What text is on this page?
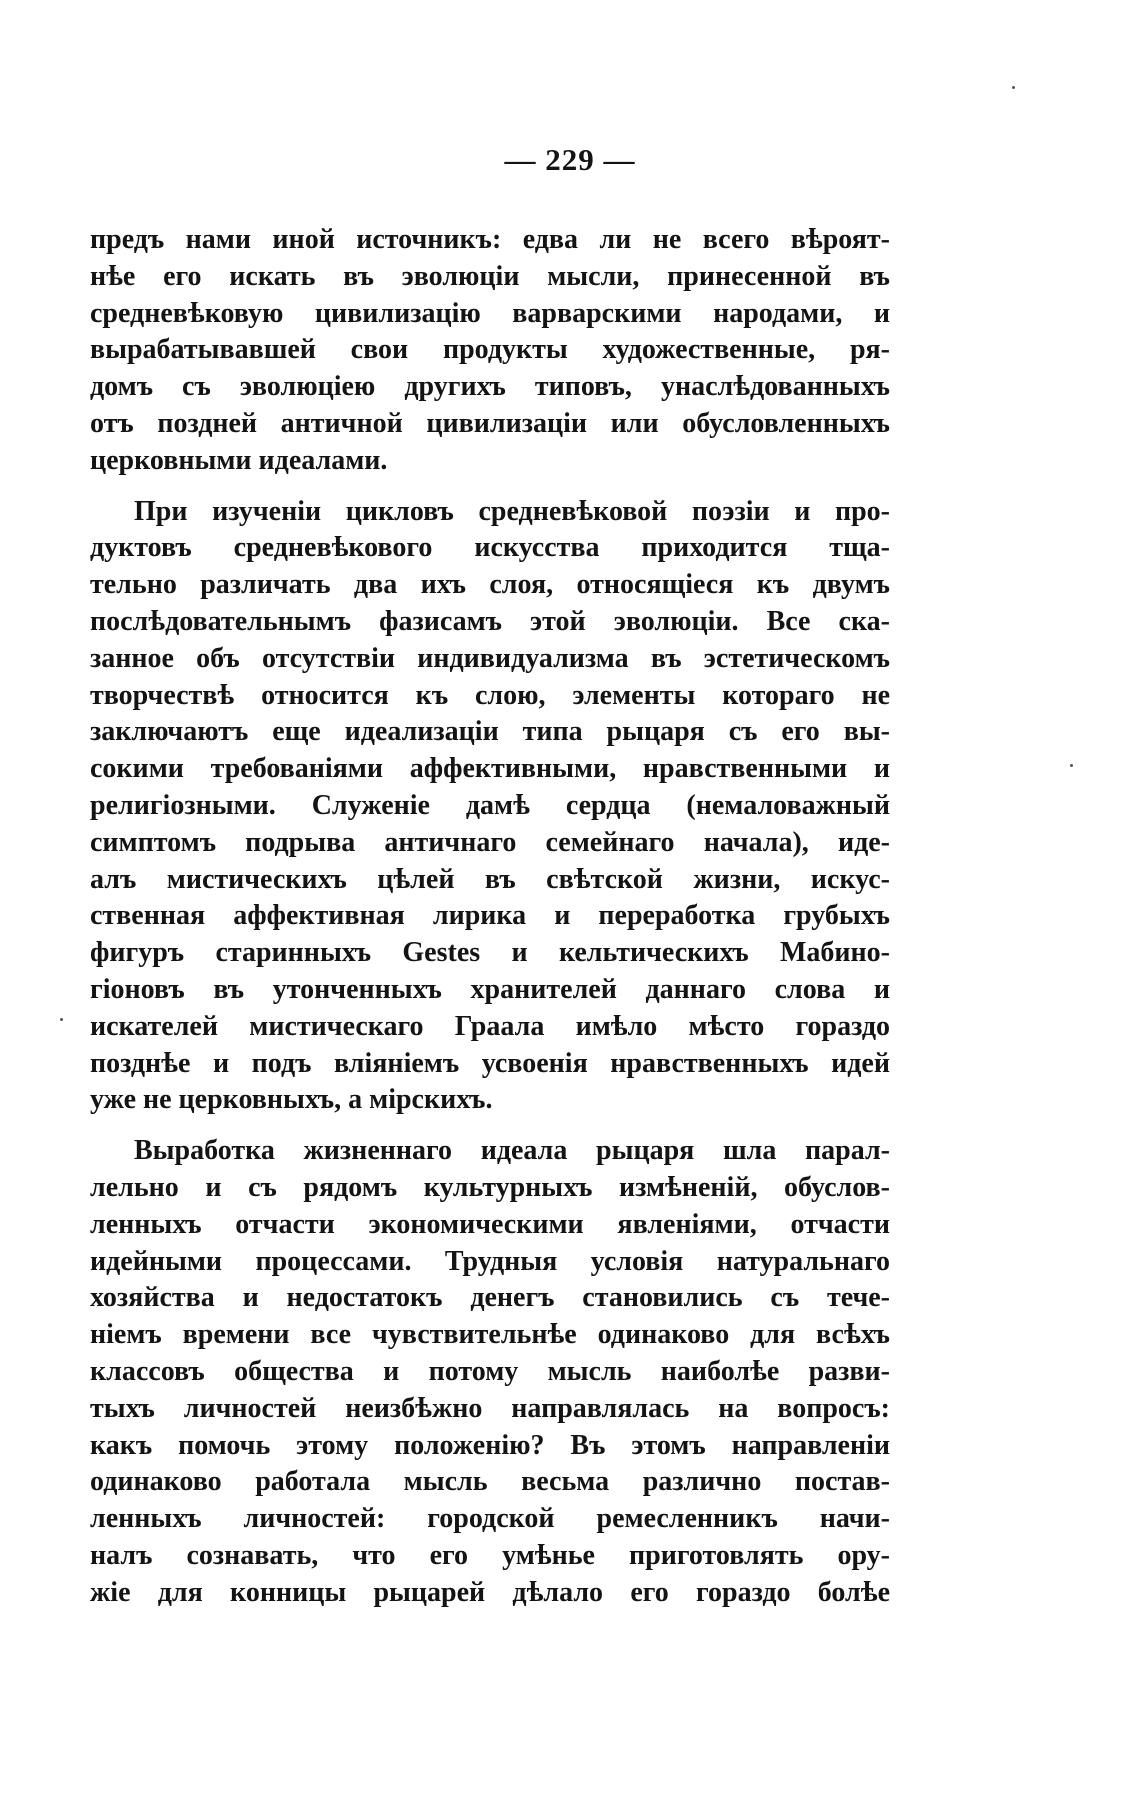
— 229 —
предъ нами иной источникъ: едва ли не всего вѣроят-
нѣе его искать въ эволюціи мысли, принесенной въ
средневѣковую цивилизацію варварскими народами, и
вырабатывавшей свои продукты художественные, ря-
домъ съ эволюціею другихъ типовъ, унаслѣдованныхъ
отъ поздней античной цивилизаціи или обусловленныхъ
церковными идеалами.
При изученіи цикловъ средневѣковой поэзіи и про-
дуктовъ средневѣкового искусства приходится тща-
тельно различать два ихъ слоя, относящіеся къ двумъ
послѣдовательнымъ фазисамъ этой эволюціи. Все ска-
занное объ отсутствіи индивидуализма въ эстетическомъ
творчествѣ относится къ слою, элементы котораго не
заключаютъ еще идеализаціи типа рыцаря съ его вы-
сокими требованіями аффективными, нравственными и
религіозными. Служеніе дамѣ сердца (немаловажный
симптомъ подрыва античнаго семейнаго начала), иде-
алъ мистическихъ цѣлей въ свѣтской жизни, искус-
ственная аффективная лирика и переработка грубыхъ
фигуръ старинныхъ Gestes и кельтическихъ Мабино-
гіоновъ въ утонченныхъ хранителей даннаго слова и
искателей мистическаго Граала имѣло мѣсто гораздо
позднѣе и подъ вліяніемъ усвоенія нравственныхъ идей
уже не церковныхъ, а мірскихъ.
Выработка жизненнаго идеала рыцаря шла парал-
лельно и съ рядомъ культурныхъ измѣненій, обуслов-
ленныхъ отчасти экономическими явленіями, отчасти
идейными процессами. Трудныя условія натуральнаго
хозяйства и недостатокъ денегъ становились съ тече-
ніемъ времени все чувствительнѣе одинаково для всѣхъ
классовъ общества и потому мысль наиболѣе разви-
тыхъ личностей неизбѣжно направлялась на вопросъ:
какъ помочь этому положенію? Въ этомъ направленіи
одинаково работала мысль весьма различно постав-
ленныхъ личностей: городской ремесленникъ начи-
налъ сознавать, что его умѣнье приготовлять ору-
жіе для конницы рыцарей дѣлало его гораздо болѣе
